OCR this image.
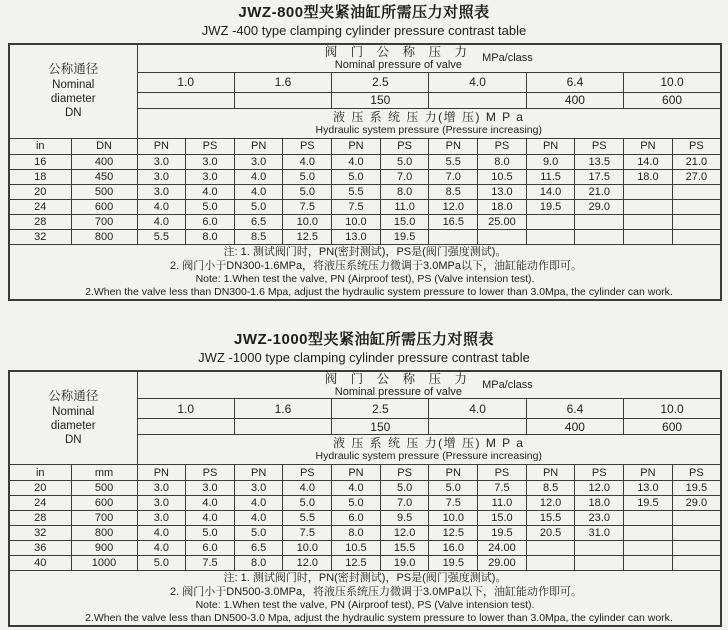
JWZ-800型夹紧油缸所需压力对照表
JWZ -400 type clamping cylinder pressure contrast table
公称通径
Nominal
diameter
DN

阀 门 公 称 压 力
Nominal pressure of valve
MPa/class

		1.0		1.6		2.5		4.0		6.4		10.0	
						150				400		600	

		液 压 系 统 压 力(增 压) M P a
Hydraulic system pressure (Pressure increasing)											

in	DN	PN	PS	PN	PS	PN	PS	PN	PS	PN	PS	PN	PS
16	400	3.0	3.0	3.0	4.0	4.0	5.0	5.5	8.0	9.0	13.5	14.0	21.0
18	450	3.0	3.0	4.0	5.0	5.0	7.0	7.0	10.5	11.5	17.5	18.0	27.0
20	500	3.0	4.0	4.0	5.0	5.5	8.0	8.5	13.0	14.0	21.0		
24	600	4.0	5.0	5.0	7.5	7.5	11.0	12.0	18.0	19.5	29.0		
28	700	4.0	6.0	6.5	10.0	10.0	15.0	16.5	25.00				
32	800	5.5	8.0	8.5	12.5	13.0	19.5						

注: 1. 测试阀门时，PN(密封测试)，PS是(阀门强度测试)。
2. 阀门小于DN300-1.6MPa，将液压系统压力微调于3.0MPa以下，油缸能动作即可。
Note: 1.When test the valve, PN (Airproof test), PS (Valve intension test).
2.When the valve less than DN300-1.6 Mpa, adjust the hydraulic system pressure to lower than 3.0Mpa, the cylinder can work.													
JWZ-1000型夹紧油缸所需压力对照表
JWZ -1000 type clamping cylinder pressure contrast table
公称通径
Nominal
diameter
DN

阀 门 公 称 压 力
Nominal pressure of valve
MPa/class

		1.0		1.6		2.5		4.0		6.4		10.0	
						150				400		600	

		液 压 系 统 压 力(增 压) M P a
Hydraulic system pressure (Pressure increasing)											

in	mm	PN	PS	PN	PS	PN	PS	PN	PS	PN	PS	PN	PS
20	500	3.0	3.0	3.0	4.0	4.0	5.0	5.0	7.5	8.5	12.0	13.0	19.5
24	600	3.0	4.0	4.0	5.0	5.0	7.0	7.5	11.0	12.0	18.0	19.5	29.0
28	700	3.0	4.0	4.0	5.5	6.0	9.5	10.0	15.0	15.5	23.0		
32	800	4.0	5.0	5.0	7.5	8.0	12.0	12.5	19.5	20.5	31.0		
36	900	4.0	6.0	6.5	10.0	10.5	15.5	16.0	24.00				
40	1000	5.0	7.5	8.0	12.0	12.5	19.0	19.5	29.00				

注: 1. 测试阀门时，PN(密封测试)，PS是(阀门强度测试)。
2. 阀门小于DN500-3.0MPa，将液压系统压力微调于3.0MPa以下，油缸能动作即可。
Note: 1.When test the valve, PN (Airproof test), PS (Valve intension test).
2.When the valve less than DN500-3.0 Mpa, adjust the hydraulic system pressure to lower than 3.0Mpa, the cylinder can work.													
